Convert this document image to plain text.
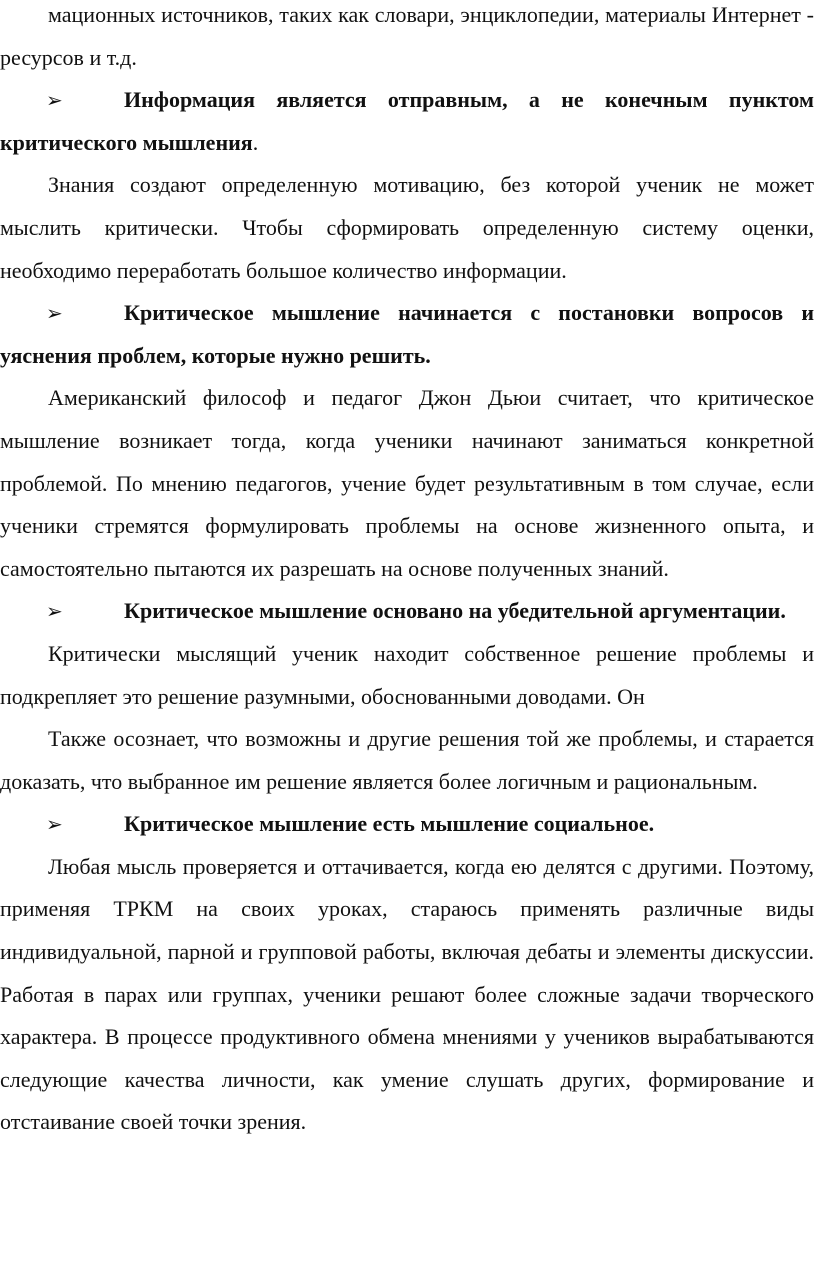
мационных источников, таких как словари, энциклопедии, материалы Интернет - ресурсов и т.д.

➢	Информация является отправным, а не конечным пунктом критического мышления.

Знания создают определенную мотивацию, без которой ученик не может мыслить критически. Чтобы сформировать определенную систему оценки, необходимо переработать большое количество информации.

➢	Критическое мышление начинается с постановки вопросов и уяснения проблем, которые нужно решить.

Американский философ и педагог Джон Дьюи считает, что критическое мышление возникает тогда, когда ученики начинают заниматься конкретной проблемой. По мнению педагогов, учение будет результативным в том случае, если ученики стремятся формулировать проблемы на основе жизненного опыта, и самостоятельно пытаются их разрешать на основе полученных знаний.

➢	Критическое мышление основано на убедительной аргументации.

Критически мыслящий ученик находит собственное решение проблемы и подкрепляет это решение разумными, обоснованными доводами. Он

Также осознает, что возможны и другие решения той же проблемы, и старается доказать, что выбранное им решение является более логичным и рациональным.

➢	Критическое мышление есть мышление социальное.

Любая мысль проверяется и оттачивается, когда ею делятся с другими. Поэтому, применяя ТРКМ на своих уроках, стараюсь применять различные виды индивидуальной, парной и групповой работы, включая дебаты и элементы дискуссии. Работая в парах или группах, ученики решают более сложные задачи творческого характера. В процессе продуктивного обмена мнениями у учеников вырабатываются следующие качества личности, как умение слушать других, формирование и отстаивание своей точки зрения.
